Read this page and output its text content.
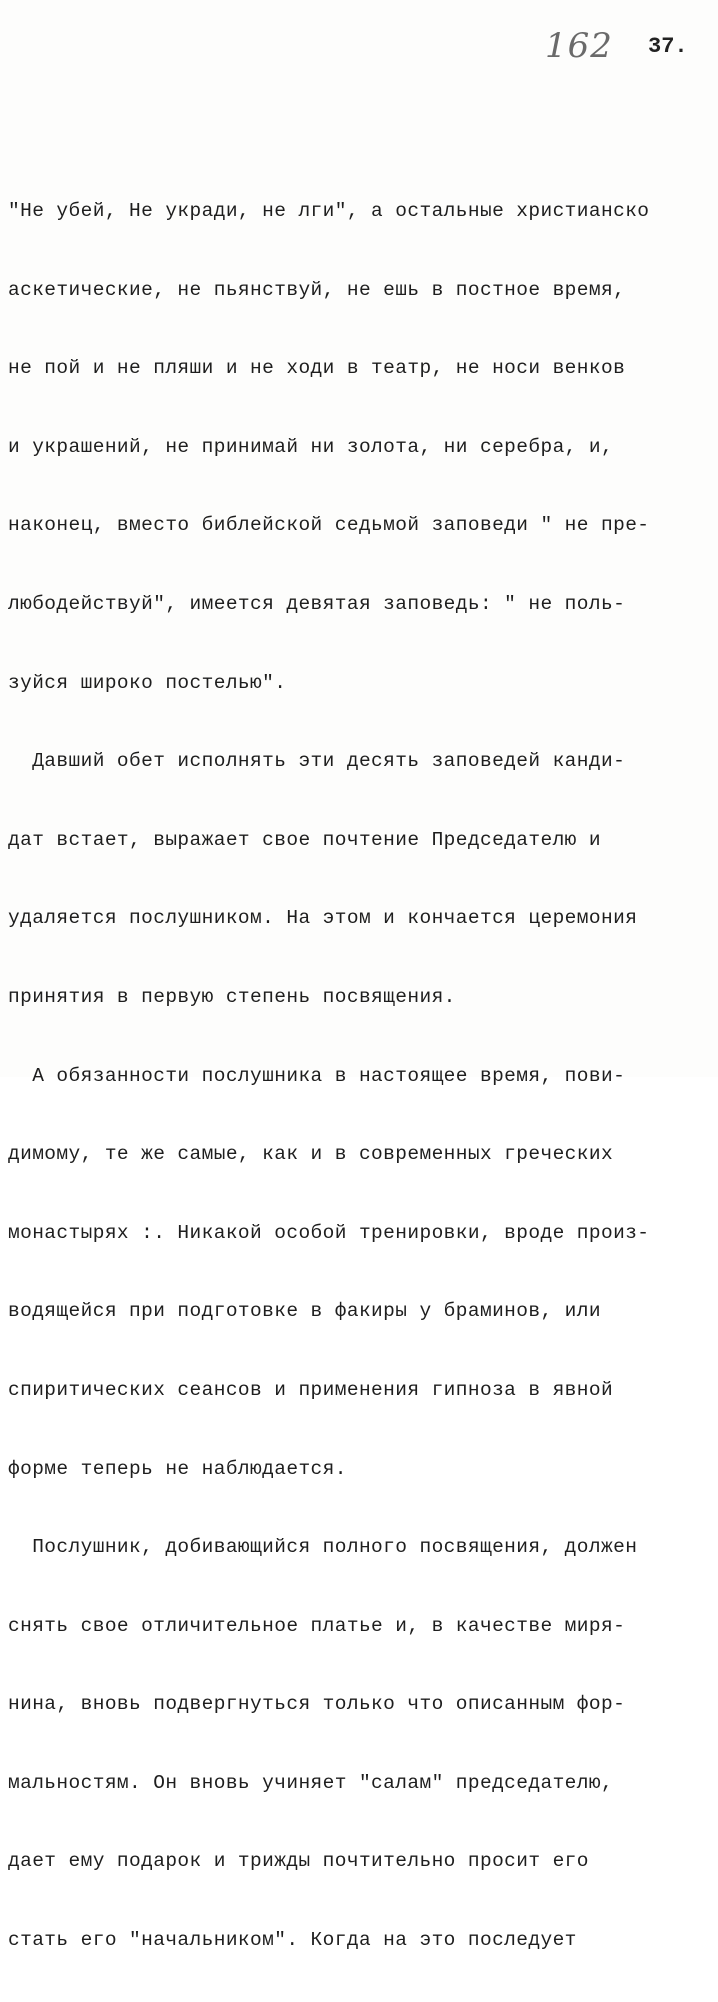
162 37.

"Не убей, Не укради, не лги", а остальные христианско

аскетические, не пьянствуй, не ешь в постное время,

не пой и не пляши и не ходи в театр, не носи венков

и украшений, не принимай ни золота, ни серебра, и,

наконец, вместо библейской седьмой заповеди " не пре-

любодействуй", имеется девятая заповедь: " не поль-

зуйся широко постелью".

Давший обет исполнять эти десять заповедей канди-

дат встает, выражает свое почтение Председателю и

удаляется послушником. На этом и кончается церемония

принятия в первую степень посвящения.

А обязанности послушника в настоящее время, пови-

димому, те же самые, как и в современных греческих

монастырях :. Никакой особой тренировки, вроде произ-

водящейся при подготовке в факиры у браминов, или

спиритических сеансов и применения гипноза в явной

форме теперь не наблюдается.

Послушник, добивающийся полного посвящения, должен

снять свое отличительное платье и, в качестве миря-

нина, вновь подвергнуться только что описанным фор-

мальностям. Он вновь учиняет "салам" председателю,

дает ему подарок и трижды почтительно просит его

стать его "начальником". Когда на это последует
